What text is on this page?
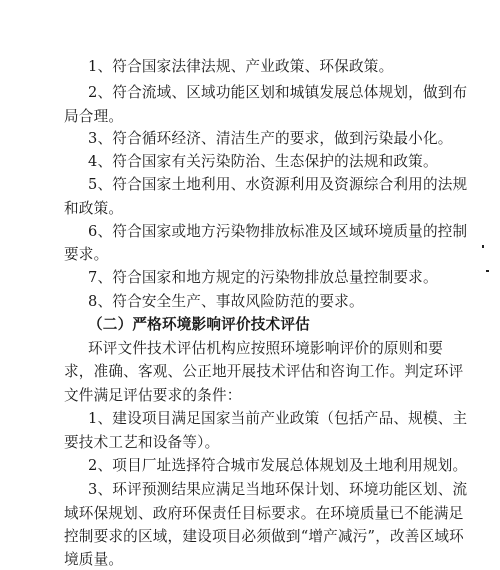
1、符合国家法律法规、产业政策、环保政策。
2、符合流域、区域功能区划和城镇发展总体规划，做到布
局合理。
3、符合循环经济、清洁生产的要求，做到污染最小化。
4、符合国家有关污染防治、生态保护的法规和政策。
5、符合国家土地利用、水资源利用及资源综合利用的法规
和政策。
6、符合国家或地方污染物排放标准及区域环境质量的控制
要求。
7、符合国家和地方规定的污染物排放总量控制要求。
8、符合安全生产、事故风险防范的要求。
（二）严格环境影响评价技术评估
环评文件技术评估机构应按照环境影响评价的原则和要
求，准确、客观、公正地开展技术评估和咨询工作。判定环评
文件满足评估要求的条件：
1、建设项目满足国家当前产业政策（包括产品、规模、主
要技术工艺和设备等）。
2、项目厂址选择符合城市发展总体规划及土地利用规划。
3、环评预测结果应满足当地环保计划、环境功能区划、流
域环保规划、政府环保责任目标要求。在环境质量已不能满足
控制要求的区域，建设项目必须做到“增产减污”，改善区域环
境质量。
